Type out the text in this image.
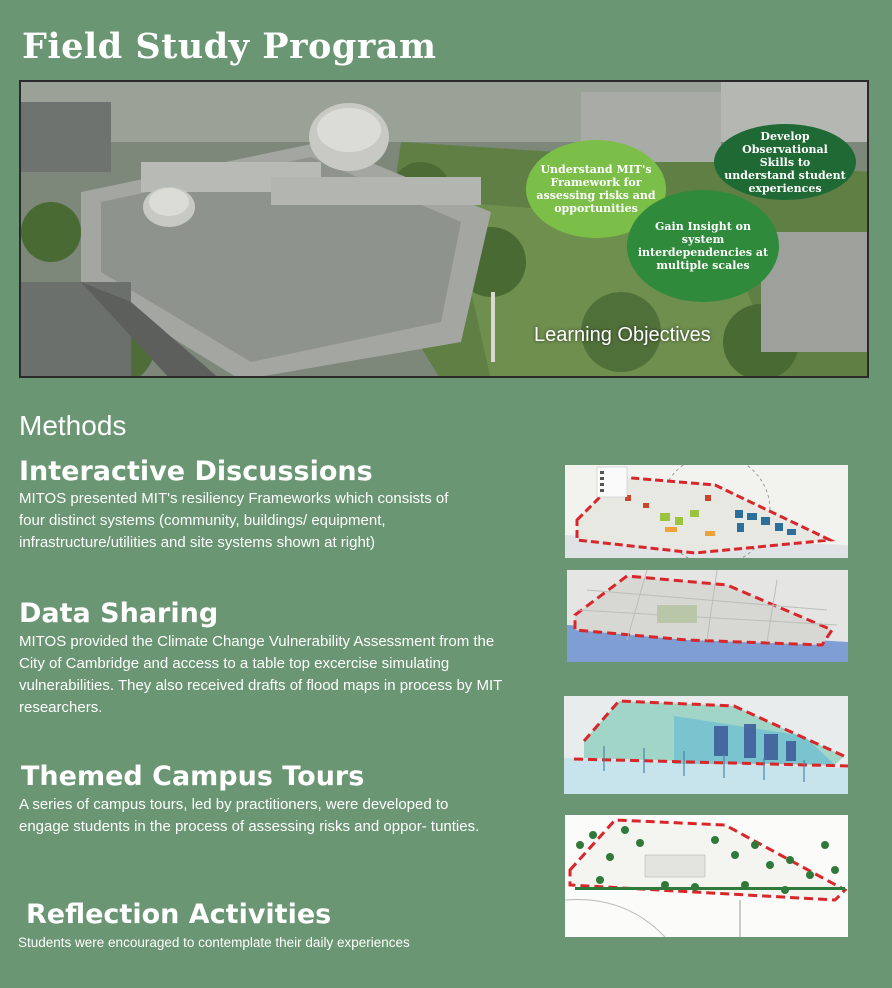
Field Study Program
Understand MIT's Framework for assessing risks and opportunities
Develop Observational Skills to understand student experiences
Gain Insight on system interdependencies at multiple scales
Learning Objectives
Methods
Interactive Discussions

MITOS presented MIT's resiliency Frameworks which consists of four distinct systems (community, buildings/ equipment, infrastructure/utilities and site systems shown at right)

Data Sharing

MITOS provided the Climate Change Vulnerability Assessment from the City of Cambridge and access to a table top excercise simulating vulnerabilities. They also received drafts of flood maps in process by MIT researchers.

Themed Campus Tours

A series of campus tours, led by practitioners, were developed to engage students in the process of assessing risks and oppor- tunties.

Reflection Activities

Students were encouraged to contemplate their daily experiences
